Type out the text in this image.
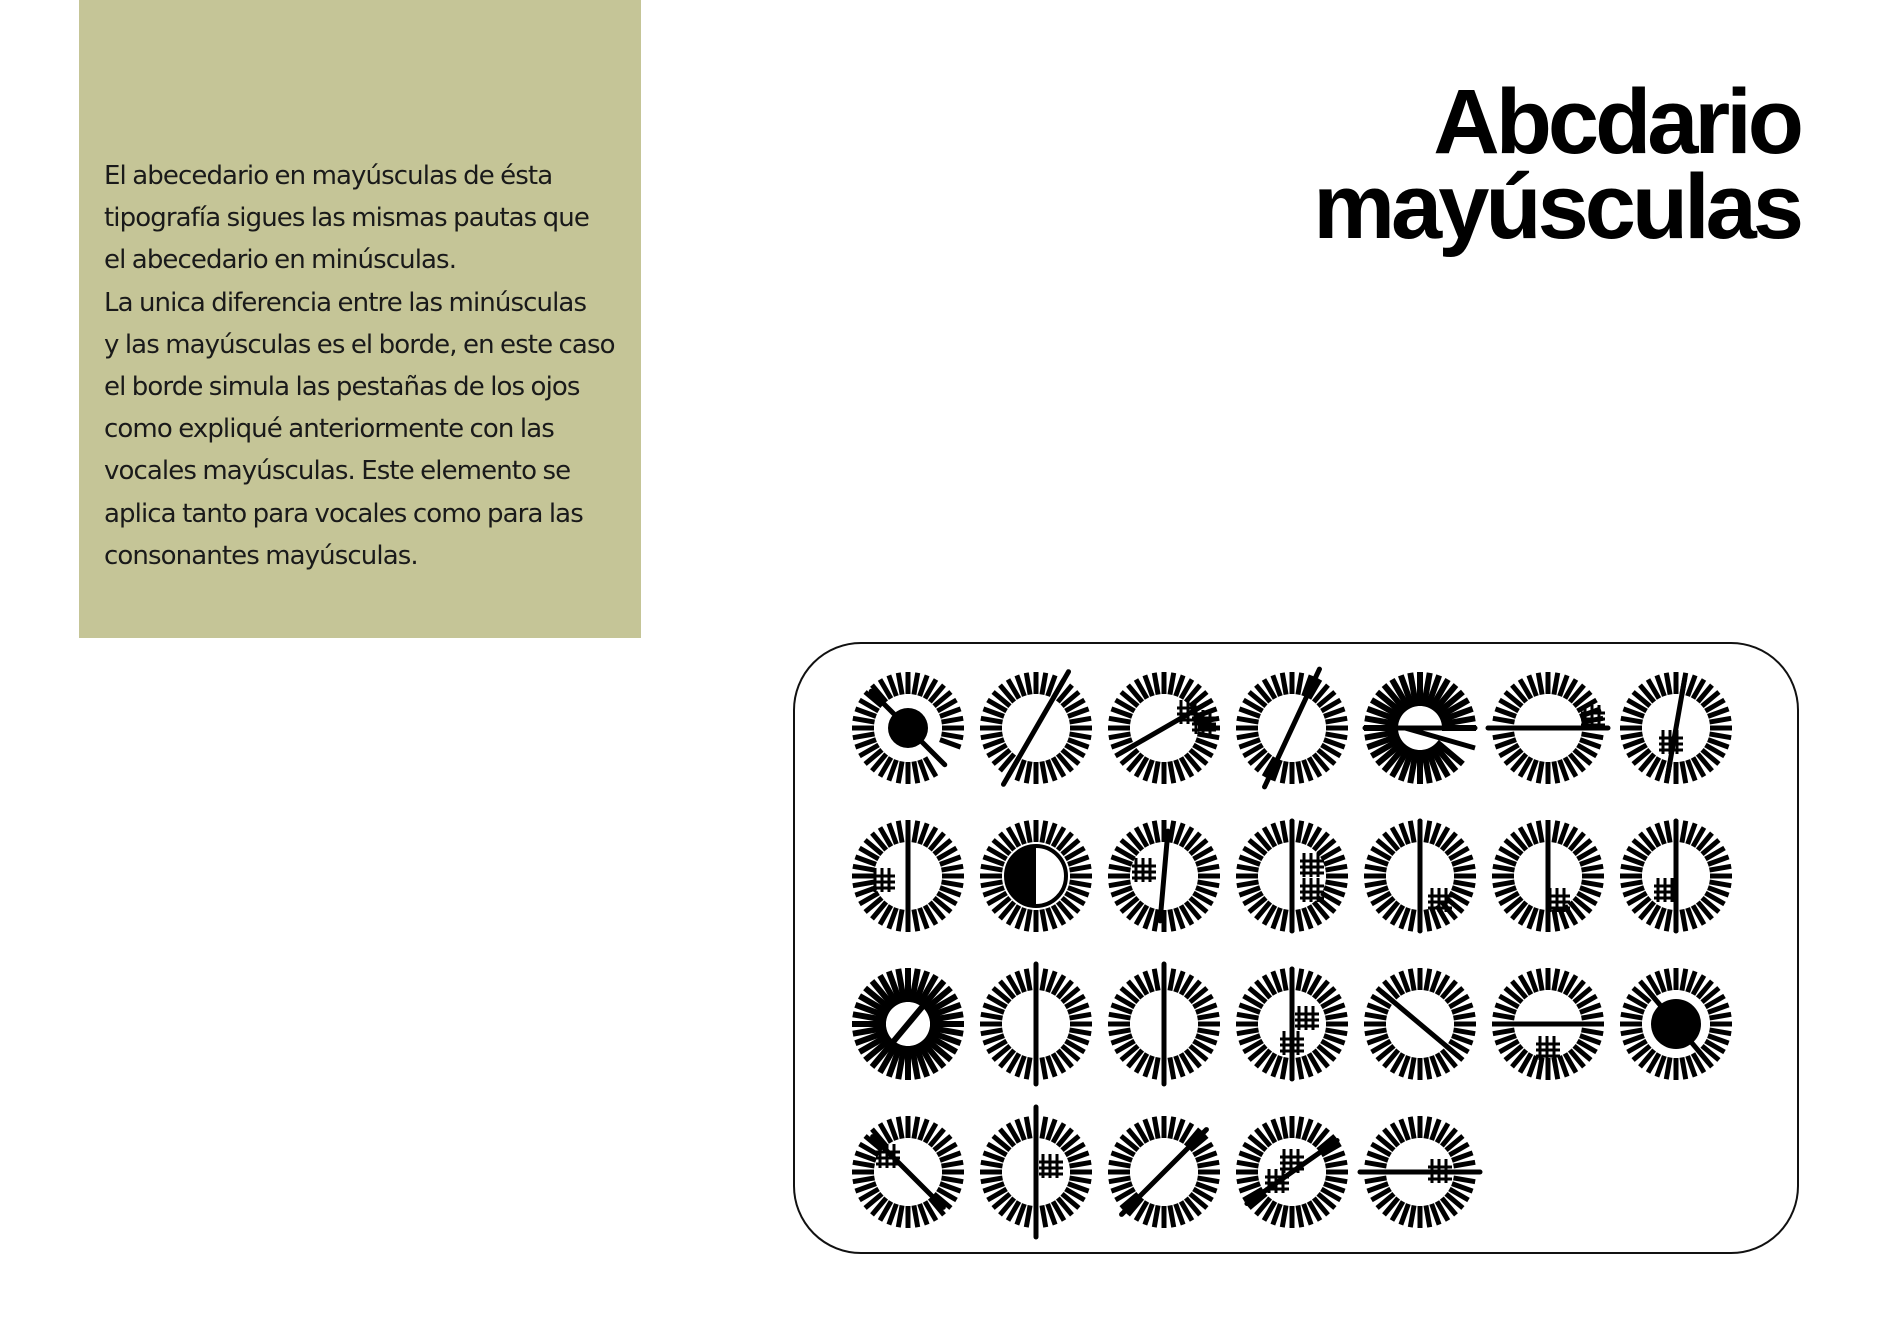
El abecedario en mayúsculas de ésta
tipografía sigues las mismas pautas que
el abecedario en minúsculas.
La unica diferencia entre las minúsculas
y las mayúsculas es el borde, en este caso
el borde simula las pestañas de los ojos
como expliqué anteriormente con las
vocales mayúsculas. Este elemento se
aplica tanto para vocales como para las
consonantes mayúsculas.
Abcdario
mayúsculas
